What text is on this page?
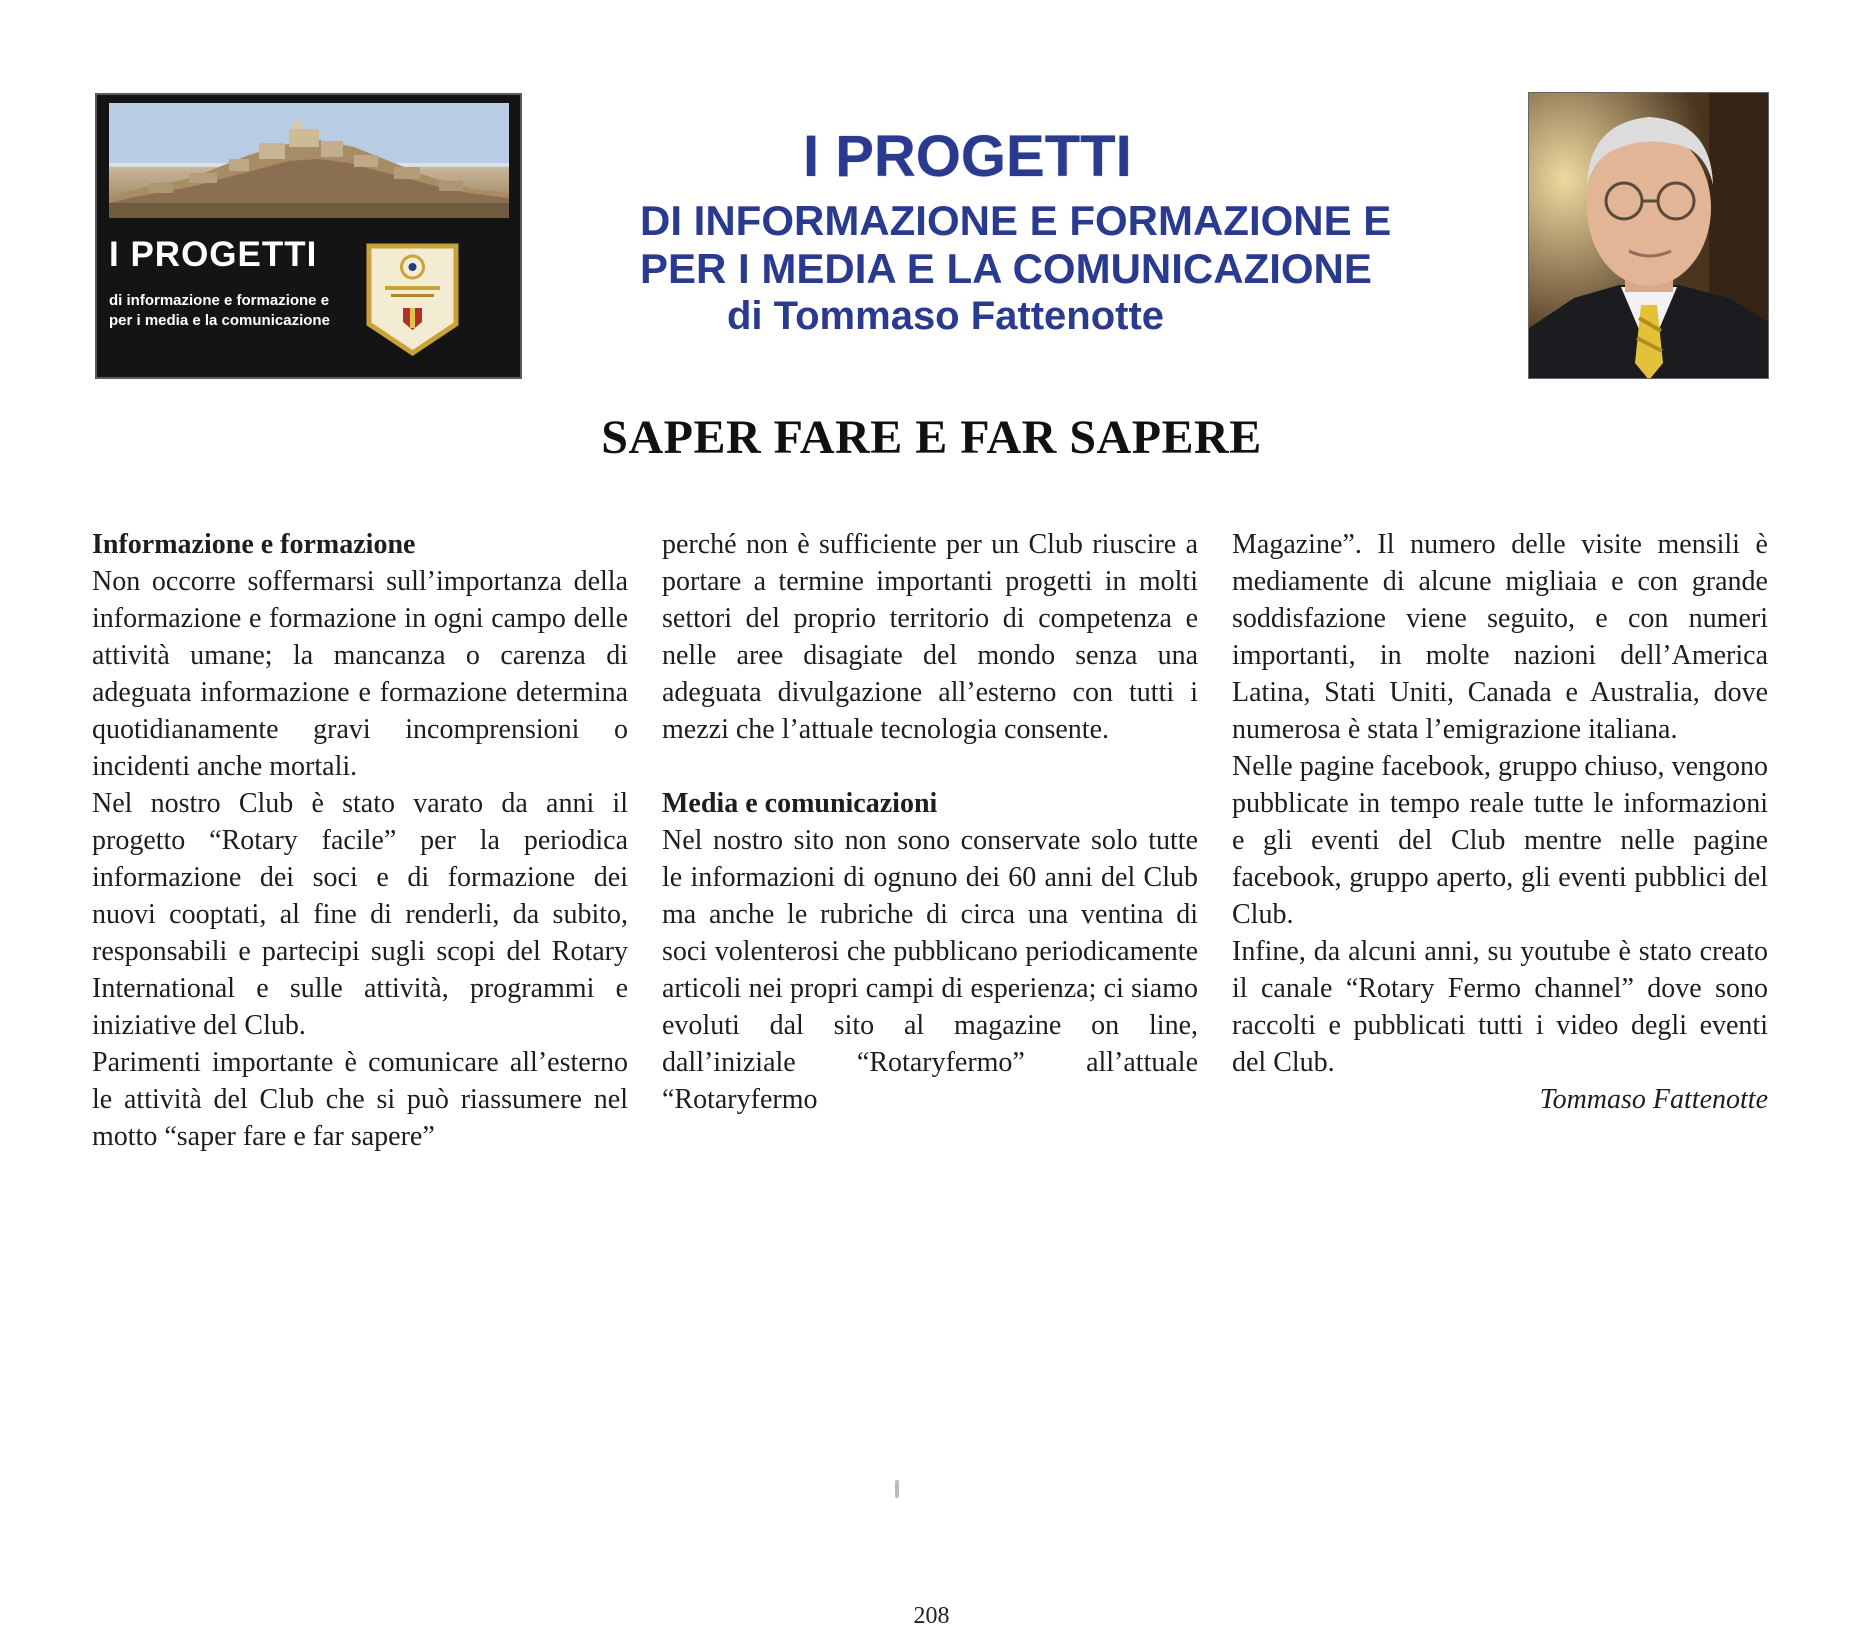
I PROGETTI
di informazione e formazione e
per i media e la comunicazione
I PROGETTI
DI INFORMAZIONE E FORMAZIONE E
PER I MEDIA E LA COMUNICAZIONE
di Tommaso Fattenotte
SAPER FARE E FAR SAPERE
Informazione e formazione

Non occorre soffermarsi sull’importanza della informazione e formazione in ogni campo delle attività umane; la mancanza o carenza di adeguata informazione e formazione determina quotidianamente gravi incomprensioni o incidenti anche mortali.

Nel nostro Club è stato varato da anni il progetto “Rotary facile” per la periodica informazione dei soci e di formazione dei nuovi cooptati, al fine di renderli, da subito, responsabili e partecipi sugli scopi del Rotary International e sulle attività, programmi e iniziative del Club.

Parimenti importante è comunicare all’esterno le attività del Club che si può riassumere nel motto “saper fare e far sapere”

perché non è sufficiente per un Club riuscire a portare a termine importanti progetti in molti settori del proprio territorio di competenza e nelle aree disagiate del mondo senza una adeguata divulgazione all’esterno con tutti i mezzi che l’attuale tecnologia consente.

Media e comunicazioni

Nel nostro sito non sono conservate solo tutte le informazioni di ognuno dei 60 anni del Club ma anche le rubriche di circa una ventina di soci volenterosi che pubblicano periodicamente articoli nei propri campi di esperienza; ci siamo evoluti dal sito al magazine on line, dall’iniziale “Rotaryfermo” all’attuale “Rotaryfermo

Magazine”. Il numero delle visite mensili è mediamente di alcune migliaia e con grande soddisfazione viene seguito, e con numeri importanti, in molte nazioni dell’America Latina, Stati Uniti, Canada e Australia, dove numerosa è stata l’emigrazione italiana.

Nelle pagine facebook, gruppo chiuso, vengono pubblicate in tempo reale tutte le informazioni e gli eventi del Club mentre nelle pagine facebook, gruppo aperto, gli eventi pubblici del Club.

Infine, da alcuni anni, su youtube è stato creato il canale “Rotary Fermo channel” dove sono raccolti e pubblicati tutti i video degli eventi del Club.

Tommaso Fattenotte
208
